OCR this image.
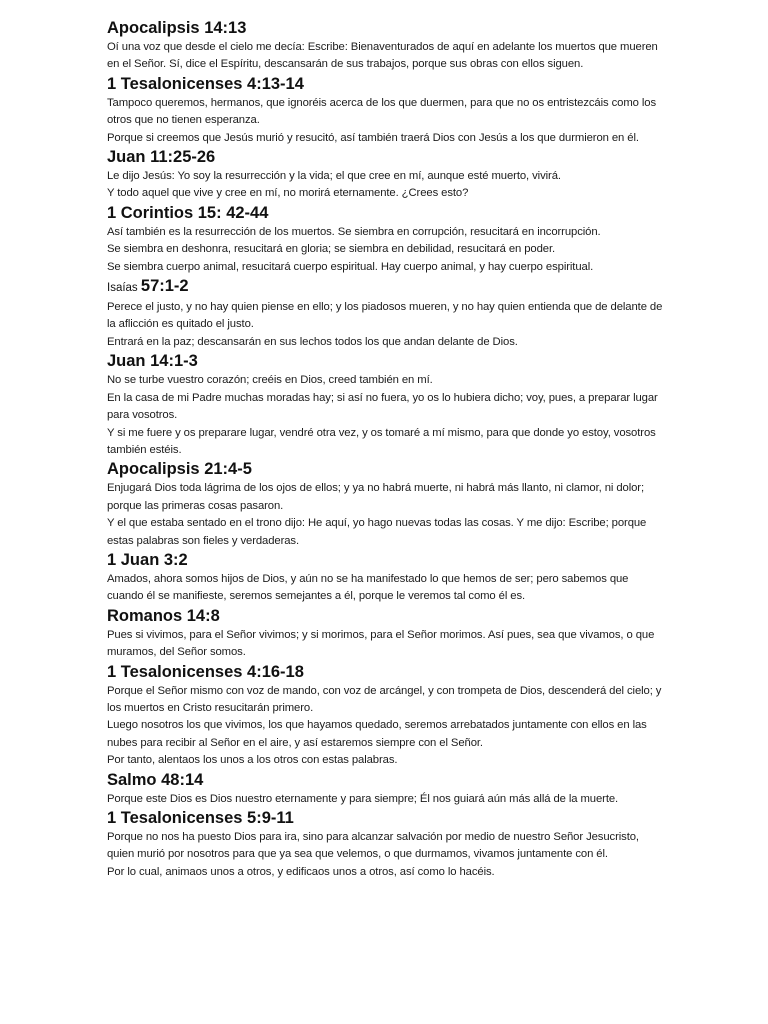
Apocalipsis 14:13
Oí una voz que desde el cielo me decía: Escribe: Bienaventurados de aquí en adelante los muertos que mueren en el Señor. Sí, dice el Espíritu, descansarán de sus trabajos, porque sus obras con ellos siguen.
1 Tesalonicenses 4:13-14
Tampoco queremos, hermanos, que ignoréis acerca de los que duermen, para que no os entristezcáis como los otros que no tienen esperanza.
Porque si creemos que Jesús murió y resucitó, así también traerá Dios con Jesús a los que durmieron en él.
Juan 11:25-26
Le dijo Jesús: Yo soy la resurrección y la vida; el que cree en mí, aunque esté muerto, vivirá.
Y todo aquel que vive y cree en mí, no morirá eternamente. ¿Crees esto?
1 Corintios 15: 42-44
Así también es la resurrección de los muertos. Se siembra en corrupción, resucitará en incorrupción.
Se siembra en deshonra, resucitará en gloria; se siembra en debilidad, resucitará en poder.
Se siembra cuerpo animal, resucitará cuerpo espiritual. Hay cuerpo animal, y hay cuerpo espiritual.
Isaías 57:1-2
Perece el justo, y no hay quien piense en ello; y los piadosos mueren, y no hay quien entienda que de delante de la aflicción es quitado el justo.
Entrará en la paz; descansarán en sus lechos todos los que andan delante de Dios.
Juan 14:1-3
No se turbe vuestro corazón; creéis en Dios, creed también en mí.
En la casa de mi Padre muchas moradas hay; si así no fuera, yo os lo hubiera dicho; voy, pues, a preparar lugar para vosotros.
Y si me fuere y os preparare lugar, vendré otra vez, y os tomaré a mí mismo, para que donde yo estoy, vosotros también estéis.
Apocalipsis 21:4-5
Enjugará Dios toda lágrima de los ojos de ellos; y ya no habrá muerte, ni habrá más llanto, ni clamor, ni dolor; porque las primeras cosas pasaron.
Y el que estaba sentado en el trono dijo: He aquí, yo hago nuevas todas las cosas. Y me dijo: Escribe; porque estas palabras son fieles y verdaderas.
1 Juan 3:2
Amados, ahora somos hijos de Dios, y aún no se ha manifestado lo que hemos de ser; pero sabemos que cuando él se manifieste, seremos semejantes a él, porque le veremos tal como él es.
Romanos 14:8
Pues si vivimos, para el Señor vivimos; y si morimos, para el Señor morimos. Así pues, sea que vivamos, o que muramos, del Señor somos.
1 Tesalonicenses 4:16-18
Porque el Señor mismo con voz de mando, con voz de arcángel, y con trompeta de Dios, descenderá del cielo; y los muertos en Cristo resucitarán primero.
Luego nosotros los que vivimos, los que hayamos quedado, seremos arrebatados juntamente con ellos en las nubes para recibir al Señor en el aire, y así estaremos siempre con el Señor.
Por tanto, alentaos los unos a los otros con estas palabras.
Salmo 48:14
Porque este Dios es Dios nuestro eternamente y para siempre; Él nos guiará aún más allá de la muerte.
1 Tesalonicenses 5:9-11
Porque no nos ha puesto Dios para ira, sino para alcanzar salvación por medio de nuestro Señor Jesucristo,
quien murió por nosotros para que ya sea que velemos, o que durmamos, vivamos juntamente con él.
Por lo cual, animaos unos a otros, y edificaos unos a otros, así como lo hacéis.
